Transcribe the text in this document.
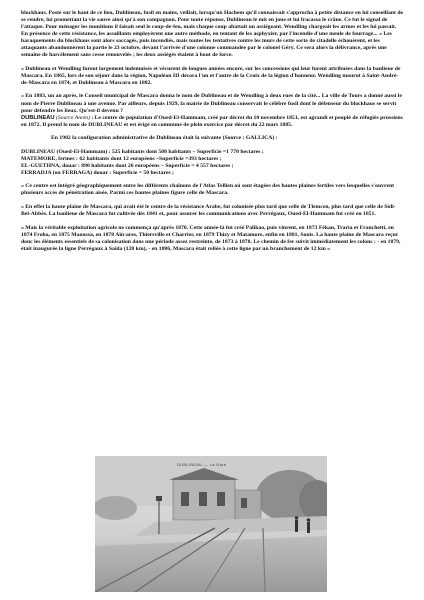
blockhaus. Posté sur le haut de ce lieu, Dublineau, fusil en mains, veillait, lorsqu'un Hachem qu'il connaissait s'approcha à petite distance en lui conseillant de se rendre, lui promettant la vie sauve ainsi qu'à son compagnon. Pour toute réponse, Dublineau le mit en joue et lui fracassa le crâne. Ce fut le signal de l'attaque. Pour ménager les munitions il faisait seul le coup-de-feu, mais chaque coup abattait un assiégeant. Wendling chargeait les armes et les lui passait. En présence de cette résistance, les assaillants employèrent une autre méthode, en tentant de les asphyxier, par l'incendie d'une meule de fourrage... « Les baraquements du blockhaus sont alors saccagés, puis incendiés, mais toutes les tentatives contre les murs de cette sorte de citadelle échouèrent, et les attaquants abandonnèrent la partie le 23 octobre, devant l'arrivée d'une colonne commandée par le colonel Géry. Ce sera alors la délivrance, après une semaine de harcèlement sans cesse renouvelés ; les deux assiégés étaient à bout de force.

« Dublineau et Wendling furent largement indemnisés et vécurent de longues années encore, sur les concessions qui leur furent attribuées dans la banlieue de Mascara. En 1865, lors de son séjour dans la région, Napoléon III décora l'un et l'autre de la Croix de la légion d'honneur. Wendling mourut à Saint-André-de-Mascara en 1874, et Dublineau à Mascara en 1882.

« En 1883, un an après, le Conseil municipal de Mascara donna le nom de Dublineau et de Wendling à deux rues de la cité... La ville de Tours a donné aussi le nom de Pierre Dublineau à une avenue. Par ailleurs, depuis 1929, la mairie de Dublineau conservait le célèbre fusil dont le défenseur du blockhaus se servit pour défendre les lieux. Qu'est-il devenu ?

DUBLINEAU (Source Anom) : Le centre de population d'Oued-El-Hammam, créé par décret du 10 novembre 1851, est agrandi et peuplé de réfugiés prussiens en 1872. Il prend le nom de DUBLINEAU et est érigé en commune de plein exercice par décret du 22 mars 1885.

En 1902 la configuration administrative de Dublineau était la suivante (Source : GALLICA) :

DUBLINEAU (Oued-El-Hammam) : 525 habitants dont 508 habitants – Superficie =1 770 hectares ;

MATEMORE, fermes : 62 habitants dont 12 européens –Superficie =393 hectares ;

EL-GUETHNA, douar : 890 habitants dont 26 européens – Superficie = 4 557 hectares ;

FERRADJA (ou FERRAGA) douar : Superficie = 50 hectares ;

« Ce centre est intégré géographiquement entre les différents chaînons de l'Atlas Tellien où sont étagées des hautes plaines fertiles vers lesquelles s'ouvrent plusieurs accès de pénétration aisée. Parmi ces hautes plaines figure celle de Mascara.

« En effet la haute plaine de Mascara, qui avait été le centre de la résistance Arabe, fut colonisée plus tard que celle de Tlemcen, plus tard que celle de Sidi-Bel-Abbès. La banlieue de Mascara fut cultivée dès 1841 et, pour assurer les communications avec Perrégaux, Oued-El-Hammam fut créé en 1851.

« Mais la véritable exploitation agricole ne commença qu'après 1870. Cette année-là fut créé Palikao, puis vinrent, en 1873 Fékan, Traria et Franchetti, en 1874 Froha, en 1875 Maoussa, en 1878 Aïn-ares, Thiersville et Charrier, en 1879 Thizy et Matamore, enfin en 1881, Sonis. La haute plaine de Mascara reçut donc les éléments essentiels de sa colonisation dans une période assez restreinte, de 1873 à 1878. Le chemin de fer suivit immédiatement les colons : - en 1879, était inaugurée la ligne Perrégaux à Saïda (120 km), - en 1886, Mascara était reliée à cette ligne par un branchement de 12 km »

DUBLINEAU — La Gare
